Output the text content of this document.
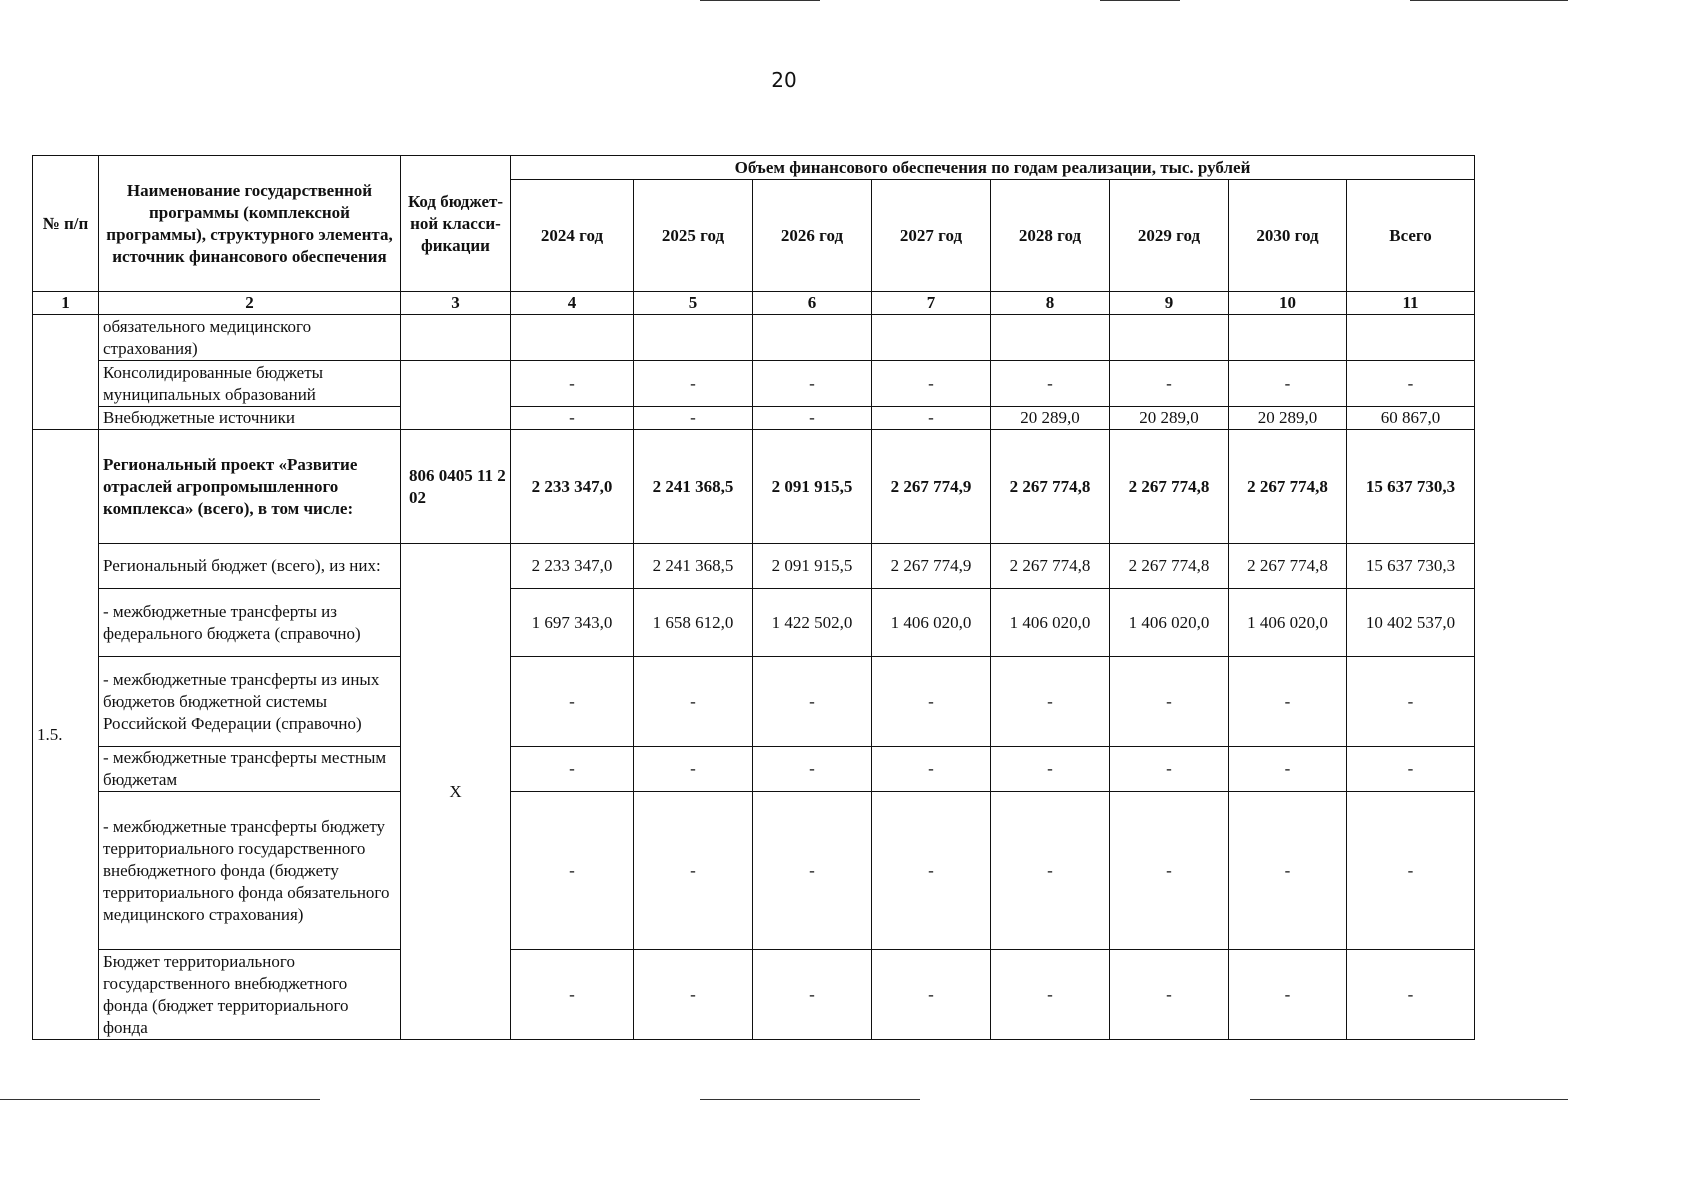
20
№ п/п	Наименование государственной программы (комплексной программы), структурного элемента, источник финансового обеспечения	Код бюджет-ной класси-фикации	Объем финансового обеспечения по годам реализации, тыс. рублей							
			2024 год	2025 год	2026 год	2027 год	2028 год	2029 год	2030 год	Всего
1	2	3	4	5	6	7	8	9	10	11
	обязательного медицинского страхования)									
	Консолидированные бюджеты муниципальных образований		-	-	-	-	-	-	-	-
	Внебюджетные источники		-	-	-	-	20 289,0	20 289,0	20 289,0	60 867,0
1.5.	Региональный проект «Развитие отраслей агропромышленного комплекса» (всего), в том числе:	806 0405 11 2 02	2 233 347,0	2 241 368,5	2 091 915,5	2 267 774,9	2 267 774,8	2 267 774,8	2 267 774,8	15 637 730,3
	Региональный бюджет (всего), из них:	X	2 233 347,0	2 241 368,5	2 091 915,5	2 267 774,9	2 267 774,8	2 267 774,8	2 267 774,8	15 637 730,3
	- межбюджетные трансферты из федерального бюджета (справочно)		1 697 343,0	1 658 612,0	1 422 502,0	1 406 020,0	1 406 020,0	1 406 020,0	1 406 020,0	10 402 537,0
	- межбюджетные трансферты из иных бюджетов бюджетной системы Российской Федерации (справочно)		-	-	-	-	-	-	-	-
	- межбюджетные трансферты местным бюджетам		-	-	-	-	-	-	-	-
	- межбюджетные трансферты бюджету территориального государственного внебюджетного фонда (бюджету территориального фонда обязательного медицинского страхования)		-	-	-	-	-	-	-	-
	Бюджет территориального государственного внебюджетного фонда (бюджет территориального фонда		-	-	-	-	-	-	-	-
